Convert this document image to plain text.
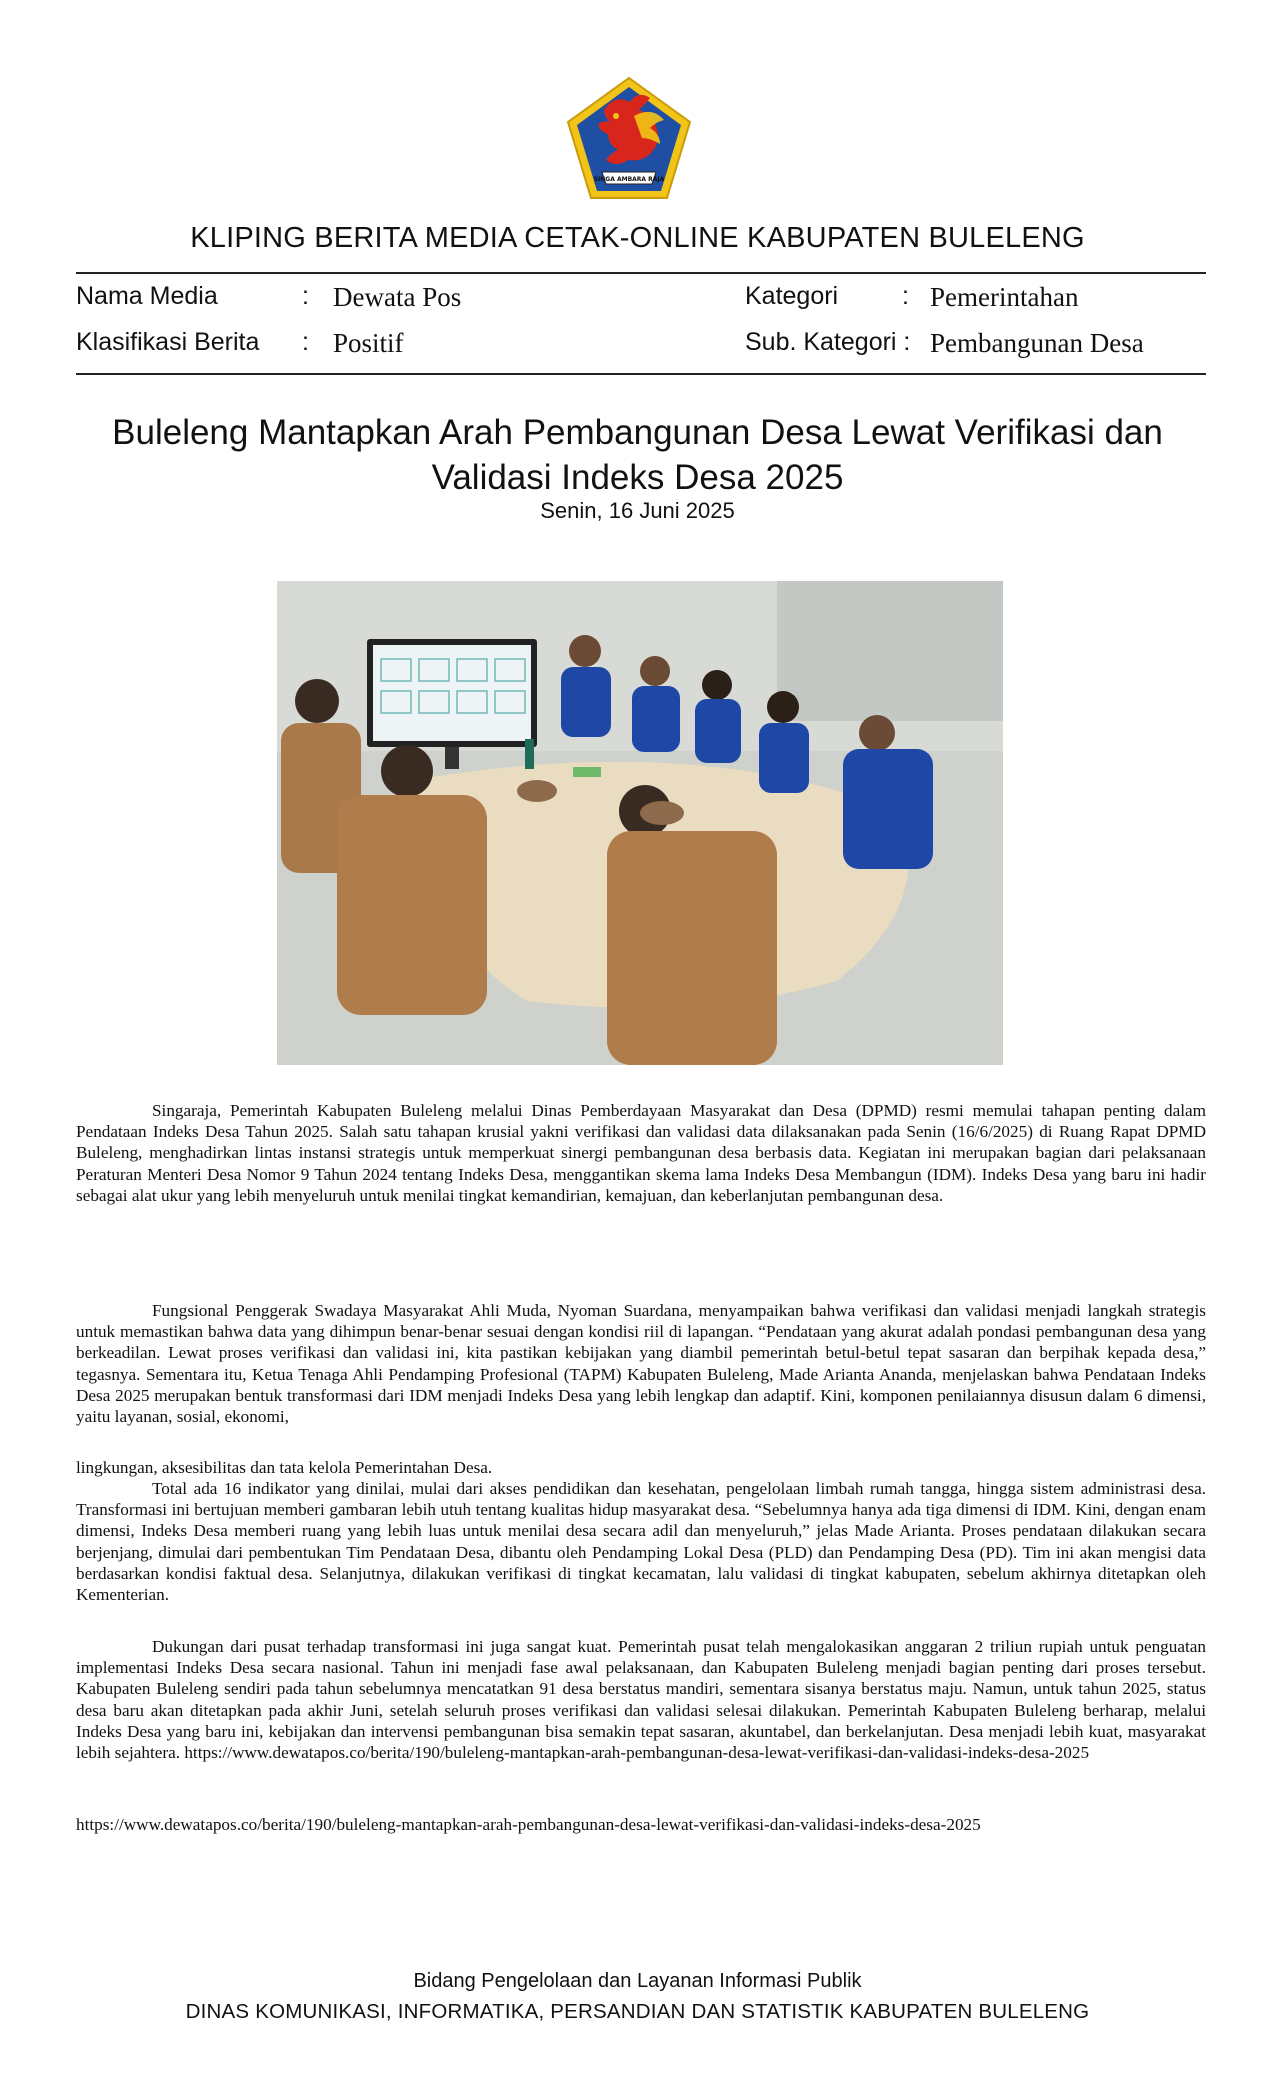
SINGA AMBARA RAJA
KLIPING BERITA MEDIA CETAK-ONLINE KABUPATEN BULELENG
Nama Media	: Dewata Pos	Kategori	: Pemerintahan
Klasifikasi Berita : Positif	Sub. Kategori : Pembangunan Desa
Buleleng Mantapkan Arah Pembangunan Desa Lewat Verifikasi dan Validasi Indeks Desa 2025
Senin, 16 Juni 2025
Singaraja, Pemerintah Kabupaten Buleleng melalui Dinas Pemberdayaan Masyarakat dan Desa (DPMD) resmi memulai tahapan penting dalam Pendataan Indeks Desa Tahun 2025. Salah satu tahapan krusial yakni verifikasi dan validasi data dilaksanakan pada Senin (16/6/2025) di Ruang Rapat DPMD Buleleng, menghadirkan lintas instansi strategis untuk memperkuat sinergi pembangunan desa berbasis data. Kegiatan ini merupakan bagian dari pelaksanaan Peraturan Menteri Desa Nomor 9 Tahun 2024 tentang Indeks Desa, menggantikan skema lama Indeks Desa Membangun (IDM). Indeks Desa yang baru ini hadir sebagai alat ukur yang lebih menyeluruh untuk menilai tingkat kemandirian, kemajuan, dan keberlanjutan pembangunan desa.
Fungsional Penggerak Swadaya Masyarakat Ahli Muda, Nyoman Suardana, menyampaikan bahwa verifikasi dan validasi menjadi langkah strategis untuk memastikan bahwa data yang dihimpun benar-benar sesuai dengan kondisi riil di lapangan. “Pendataan yang akurat adalah pondasi pembangunan desa yang berkeadilan. Lewat proses verifikasi dan validasi ini, kita pastikan kebijakan yang diambil pemerintah betul-betul tepat sasaran dan berpihak kepada desa,” tegasnya. Sementara itu, Ketua Tenaga Ahli Pendamping Profesional (TAPM) Kabupaten Buleleng, Made Arianta Ananda, menjelaskan bahwa Pendataan Indeks Desa 2025 merupakan bentuk transformasi dari IDM menjadi Indeks Desa yang lebih lengkap dan adaptif. Kini, komponen penilaiannya disusun dalam 6 dimensi, yaitu layanan, sosial, ekonomi,
lingkungan, aksesibilitas dan tata kelola Pemerintahan Desa.
Total ada 16 indikator yang dinilai, mulai dari akses pendidikan dan kesehatan, pengelolaan limbah rumah tangga, hingga sistem administrasi desa. Transformasi ini bertujuan memberi gambaran lebih utuh tentang kualitas hidup masyarakat desa. “Sebelumnya hanya ada tiga dimensi di IDM. Kini, dengan enam dimensi, Indeks Desa memberi ruang yang lebih luas untuk menilai desa secara adil dan menyeluruh,” jelas Made Arianta. Proses pendataan dilakukan secara berjenjang, dimulai dari pembentukan Tim Pendataan Desa, dibantu oleh Pendamping Lokal Desa (PLD) dan Pendamping Desa (PD). Tim ini akan mengisi data berdasarkan kondisi faktual desa. Selanjutnya, dilakukan verifikasi di tingkat kecamatan, lalu validasi di tingkat kabupaten, sebelum akhirnya ditetapkan oleh Kementerian.
Dukungan dari pusat terhadap transformasi ini juga sangat kuat. Pemerintah pusat telah mengalokasikan anggaran 2 triliun rupiah untuk penguatan implementasi Indeks Desa secara nasional. Tahun ini menjadi fase awal pelaksanaan, dan Kabupaten Buleleng menjadi bagian penting dari proses tersebut. Kabupaten Buleleng sendiri pada tahun sebelumnya mencatatkan 91 desa berstatus mandiri, sementara sisanya berstatus maju. Namun, untuk tahun 2025, status desa baru akan ditetapkan pada akhir Juni, setelah seluruh proses verifikasi dan validasi selesai dilakukan. Pemerintah Kabupaten Buleleng berharap, melalui Indeks Desa yang baru ini, kebijakan dan intervensi pembangunan bisa semakin tepat sasaran, akuntabel, dan berkelanjutan. Desa menjadi lebih kuat, masyarakat lebih sejahtera. https://www.dewatapos.co/berita/190/buleleng-mantapkan-arah-pembangunan-desa-lewat-verifikasi-dan-validasi-indeks-desa-2025
https://www.dewatapos.co/berita/190/buleleng-mantapkan-arah-pembangunan-desa-lewat-verifikasi-dan-validasi-indeks-desa-2025
Bidang Pengelolaan dan Layanan Informasi Publik
DINAS KOMUNIKASI, INFORMATIKA, PERSANDIAN DAN STATISTIK KABUPATEN BULELENG
